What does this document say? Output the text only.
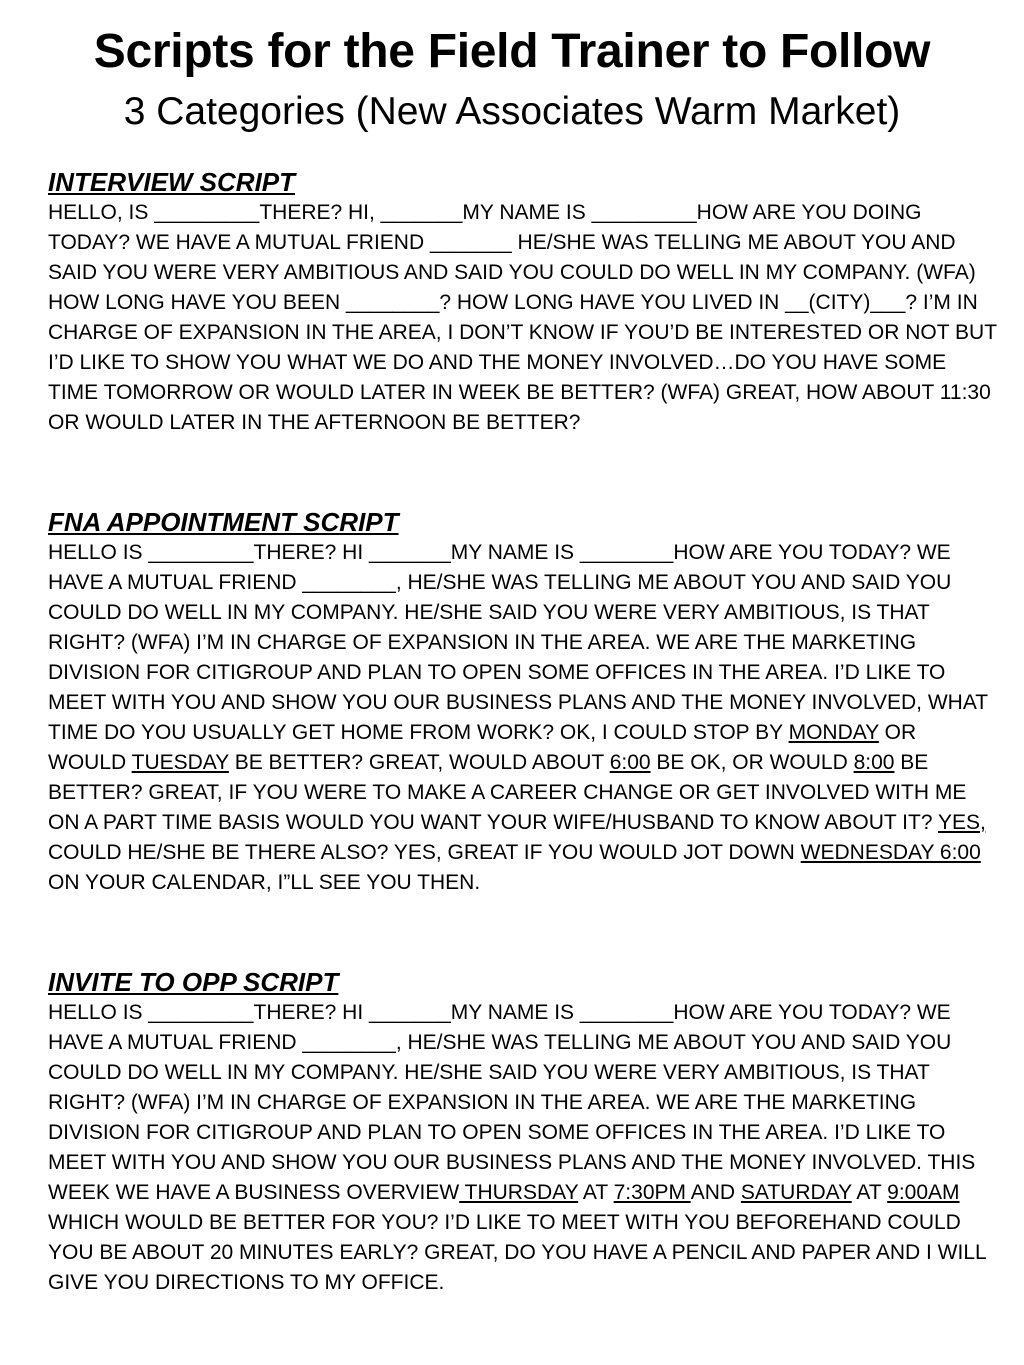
Scripts for the Field Trainer to Follow
3 Categories (New Associates Warm Market)
INTERVIEW SCRIPT
HELLO, IS _________THERE? HI, _______MY NAME IS _________HOW ARE YOU DOING TODAY? WE HAVE A MUTUAL FRIEND _______ HE/SHE WAS TELLING ME ABOUT YOU AND SAID YOU WERE VERY AMBITIOUS AND SAID YOU COULD DO WELL IN MY COMPANY. (WFA) HOW LONG HAVE YOU BEEN ________? HOW LONG HAVE YOU LIVED IN __(CITY)___? I’M IN CHARGE OF EXPANSION IN THE AREA, I DON’T KNOW IF YOU’D BE INTERESTED OR NOT BUT I’D LIKE TO SHOW YOU WHAT WE DO AND THE MONEY INVOLVED…DO YOU HAVE SOME TIME TOMORROW OR WOULD LATER IN WEEK BE BETTER? (WFA) GREAT, HOW ABOUT 11:30 OR WOULD LATER IN THE AFTERNOON BE BETTER?
FNA APPOINTMENT SCRIPT
HELLO IS _________THERE? HI _______MY NAME IS ________HOW ARE YOU TODAY? WE HAVE A MUTUAL FRIEND ________, HE/SHE WAS TELLING ME ABOUT YOU AND SAID YOU COULD DO WELL IN MY COMPANY. HE/SHE SAID YOU WERE VERY AMBITIOUS, IS THAT RIGHT? (WFA) I’M IN CHARGE OF EXPANSION IN THE AREA. WE ARE THE MARKETING DIVISION FOR CITIGROUP AND PLAN TO OPEN SOME OFFICES IN THE AREA. I’D LIKE TO MEET WITH YOU AND SHOW YOU OUR BUSINESS PLANS AND THE MONEY INVOLVED, WHAT TIME DO YOU USUALLY GET HOME FROM WORK? OK, I COULD STOP BY MONDAY OR WOULD TUESDAY BE BETTER? GREAT, WOULD ABOUT 6:00 BE OK, OR WOULD 8:00 BE BETTER? GREAT, IF YOU WERE TO MAKE A CAREER CHANGE OR GET INVOLVED WITH ME ON A PART TIME BASIS WOULD YOU WANT YOUR WIFE/HUSBAND TO KNOW ABOUT IT? YES, COULD HE/SHE BE THERE ALSO? YES, GREAT IF YOU WOULD JOT DOWN WEDNESDAY 6:00 ON YOUR CALENDAR, I”LL SEE YOU THEN.
INVITE TO OPP SCRIPT
HELLO IS _________THERE? HI _______MY NAME IS ________HOW ARE YOU TODAY? WE HAVE A MUTUAL FRIEND ________, HE/SHE WAS TELLING ME ABOUT YOU AND SAID YOU COULD DO WELL IN MY COMPANY. HE/SHE SAID YOU WERE VERY AMBITIOUS, IS THAT RIGHT? (WFA) I’M IN CHARGE OF EXPANSION IN THE AREA. WE ARE THE MARKETING DIVISION FOR CITIGROUP AND PLAN TO OPEN SOME OFFICES IN THE AREA. I’D LIKE TO MEET WITH YOU AND SHOW YOU OUR BUSINESS PLANS AND THE MONEY INVOLVED. THIS WEEK WE HAVE A BUSINESS OVERVIEW THURSDAY AT 7:30PM AND SATURDAY AT 9:00AM WHICH WOULD BE BETTER FOR YOU? I’D LIKE TO MEET WITH YOU BEFOREHAND COULD YOU BE ABOUT 20 MINUTES EARLY? GREAT, DO YOU HAVE A PENCIL AND PAPER AND I WILL GIVE YOU DIRECTIONS TO MY OFFICE.
